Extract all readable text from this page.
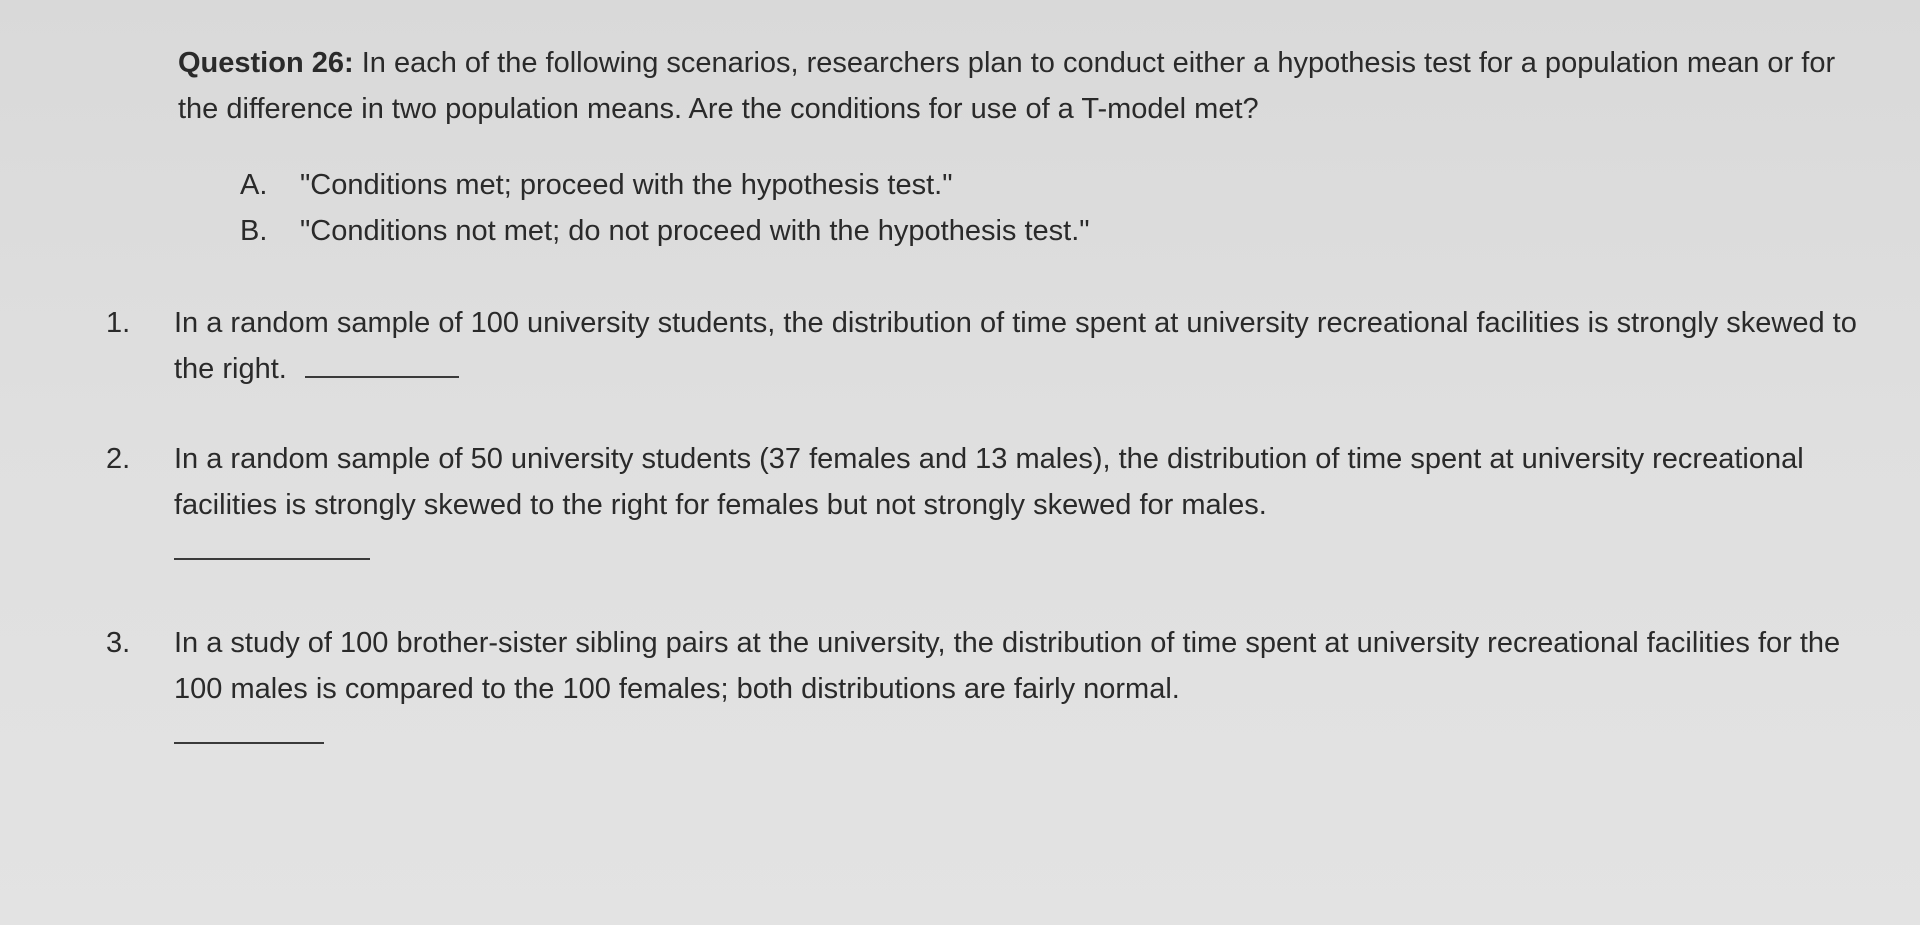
Question 26: In each of the following scenarios, researchers plan to conduct either a hypothesis test for a population mean or for the difference in two population means. Are the conditions for use of a T-model met?
A.	"Conditions met; proceed with the hypothesis test."
B.	"Conditions not met; do not proceed with the hypothesis test."
1.	In a random sample of 100 university students, the distribution of time spent at university recreational facilities is strongly skewed to the right.
2.	In a random sample of 50 university students (37 females and 13 males), the distribution of time spent at university recreational facilities is strongly skewed to the right for females but not strongly skewed for males.
3.	In a study of 100 brother-sister sibling pairs at the university, the distribution of time spent at university recreational facilities for the 100 males is compared to the 100 females; both distributions are fairly normal.
